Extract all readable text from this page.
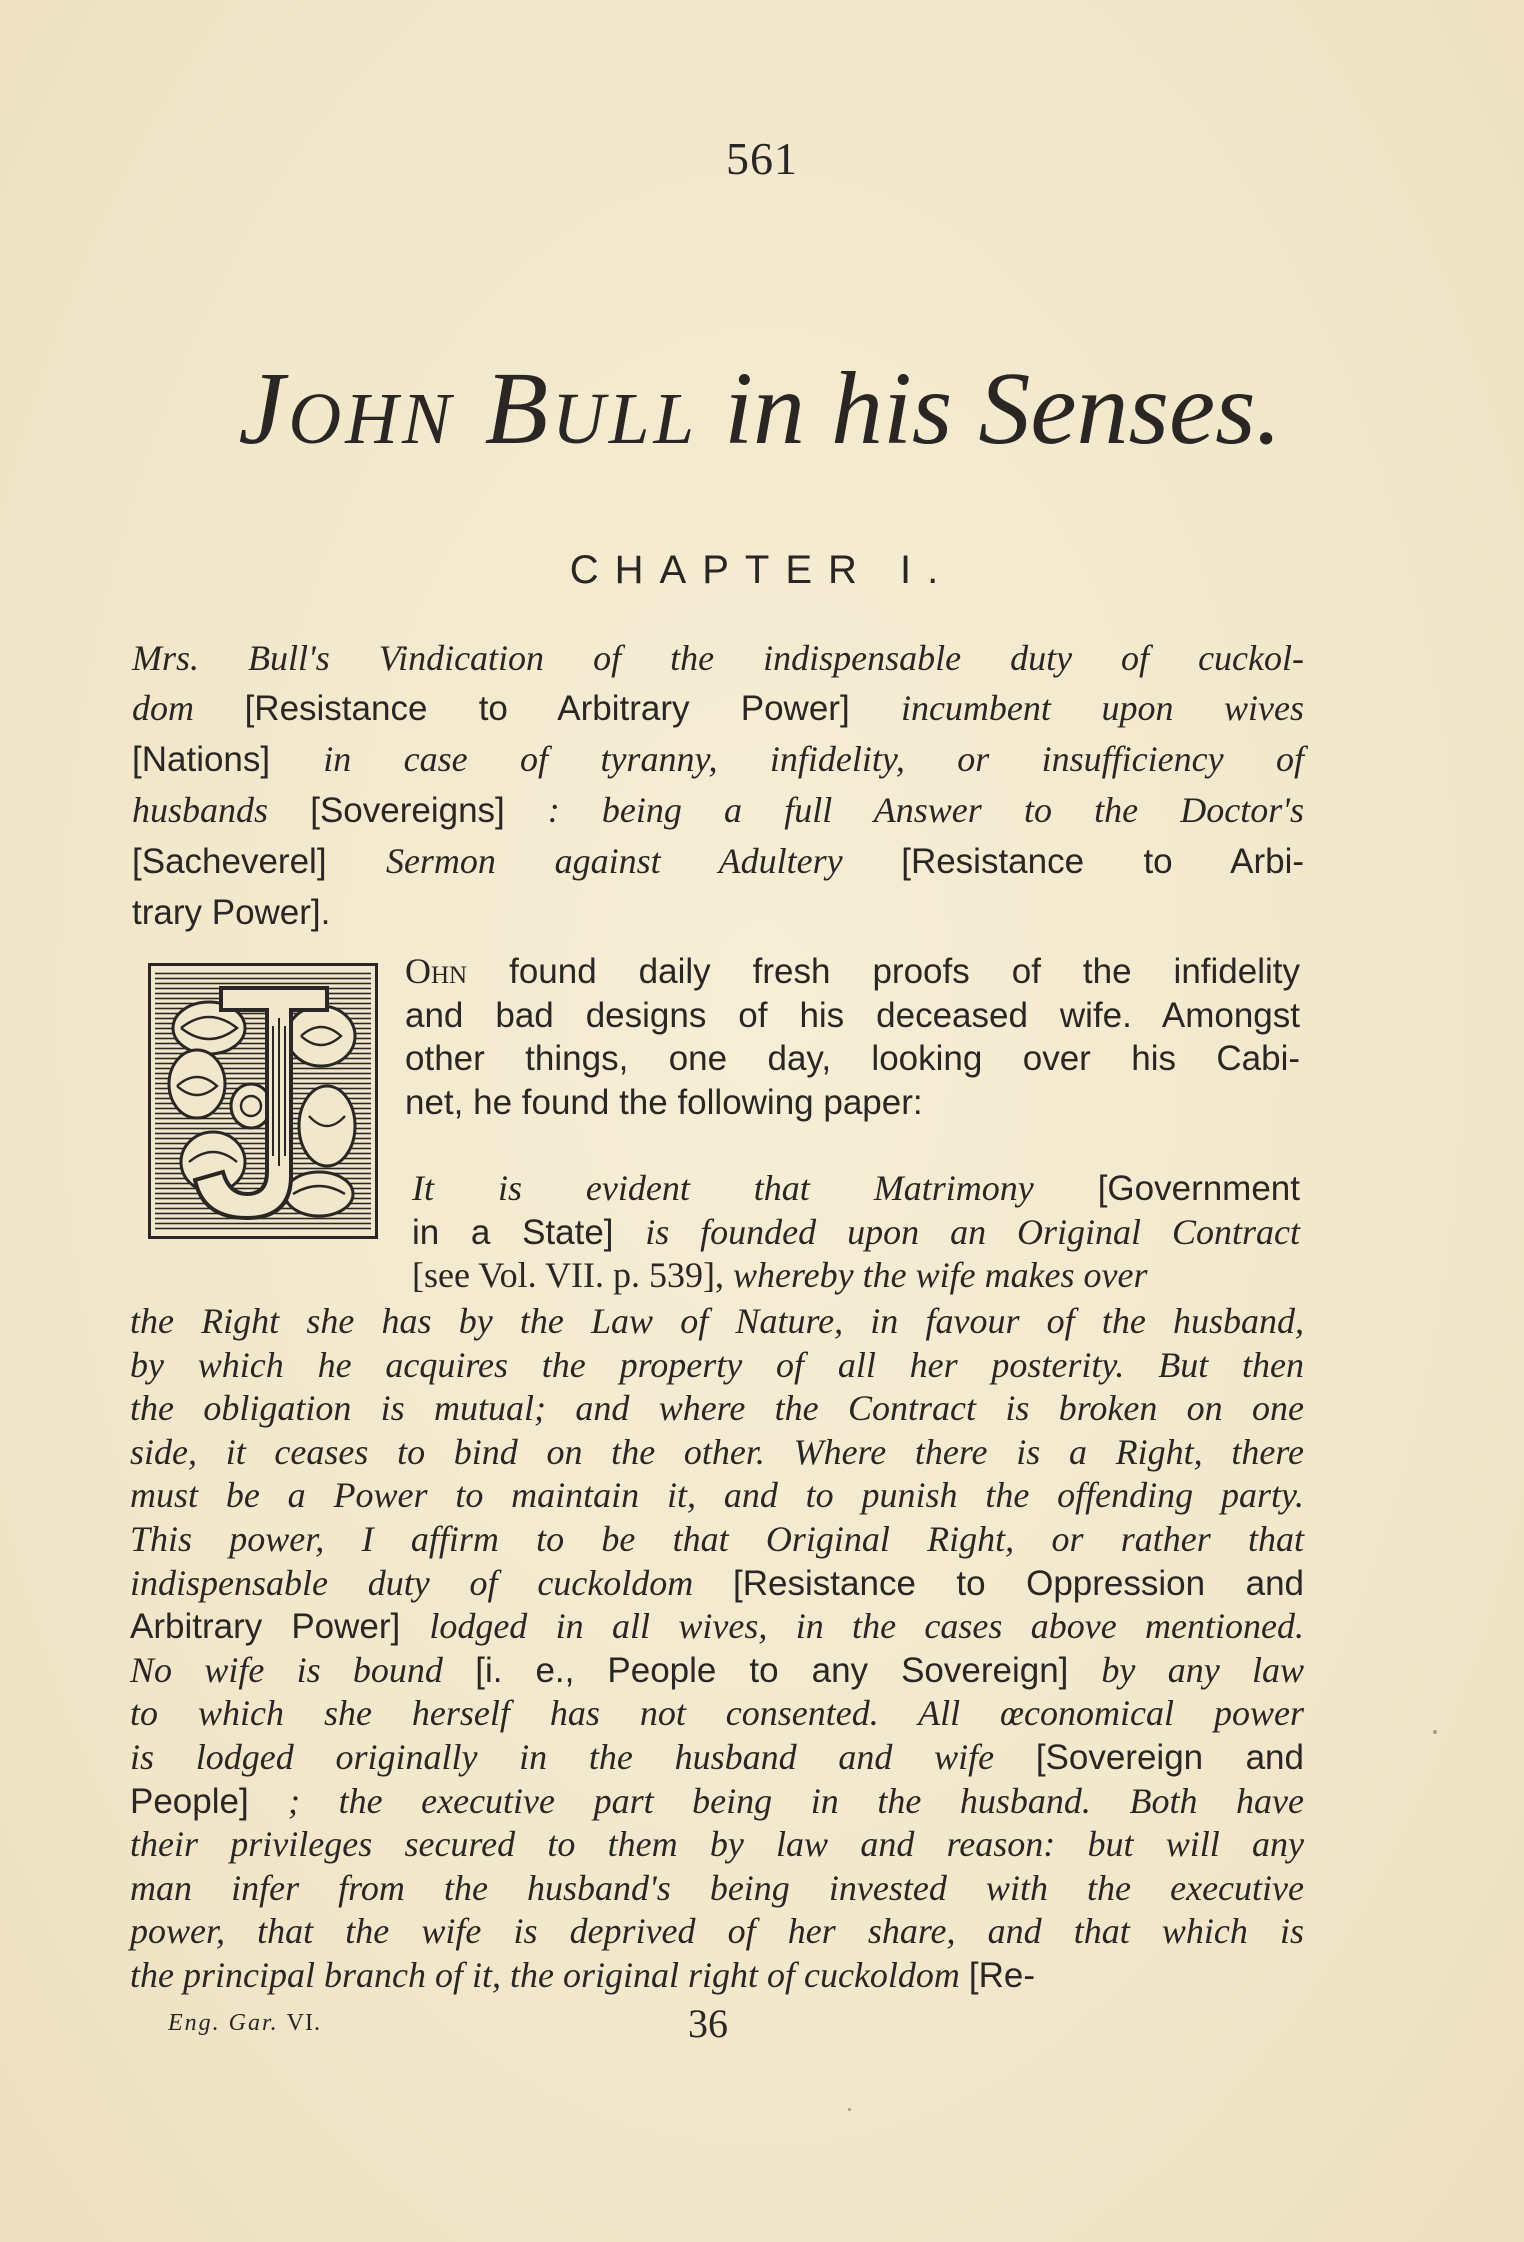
561
John Bull in his Senses.
CHAPTER I.
Mrs. Bull's Vindication of the indispensable duty of cuckol-
dom [Resistance to Arbitrary Power] incumbent upon wives
[Nations] in case of tyranny, infidelity, or insufficiency of
husbands [Sovereigns] : being a full Answer to the Doctor's
[Sacheverel] Sermon against Adultery [Resistance to Arbi-
trary Power].
Ohn found daily fresh proofs of the infidelity
and bad designs of his deceased wife. Amongst
other things, one day, looking over his Cabi-
net, he found the following paper:
It is evident that Matrimony [Government
in a State] is founded upon an Original Contract
[see Vol. VII. p. 539], whereby the wife makes over
the Right she has by the Law of Nature, in favour of the husband,
by which he acquires the property of all her posterity. But then
the obligation is mutual; and where the Contract is broken on one
side, it ceases to bind on the other. Where there is a Right, there
must be a Power to maintain it, and to punish the offending party.
This power, I affirm to be that Original Right, or rather that
indispensable duty of cuckoldom [Resistance to Oppression and
Arbitrary Power] lodged in all wives, in the cases above mentioned.
No wife is bound [i. e., People to any Sovereign] by any law
to which she herself has not consented. All œconomical power
is lodged originally in the husband and wife [Sovereign and
People] ; the executive part being in the husband. Both have
their privileges secured to them by law and reason: but will any
man infer from the husband's being invested with the executive
power, that the wife is deprived of her share, and that which is
the principal branch of it, the original right of cuckoldom [Re-
Eng. Gar. VI.	36
